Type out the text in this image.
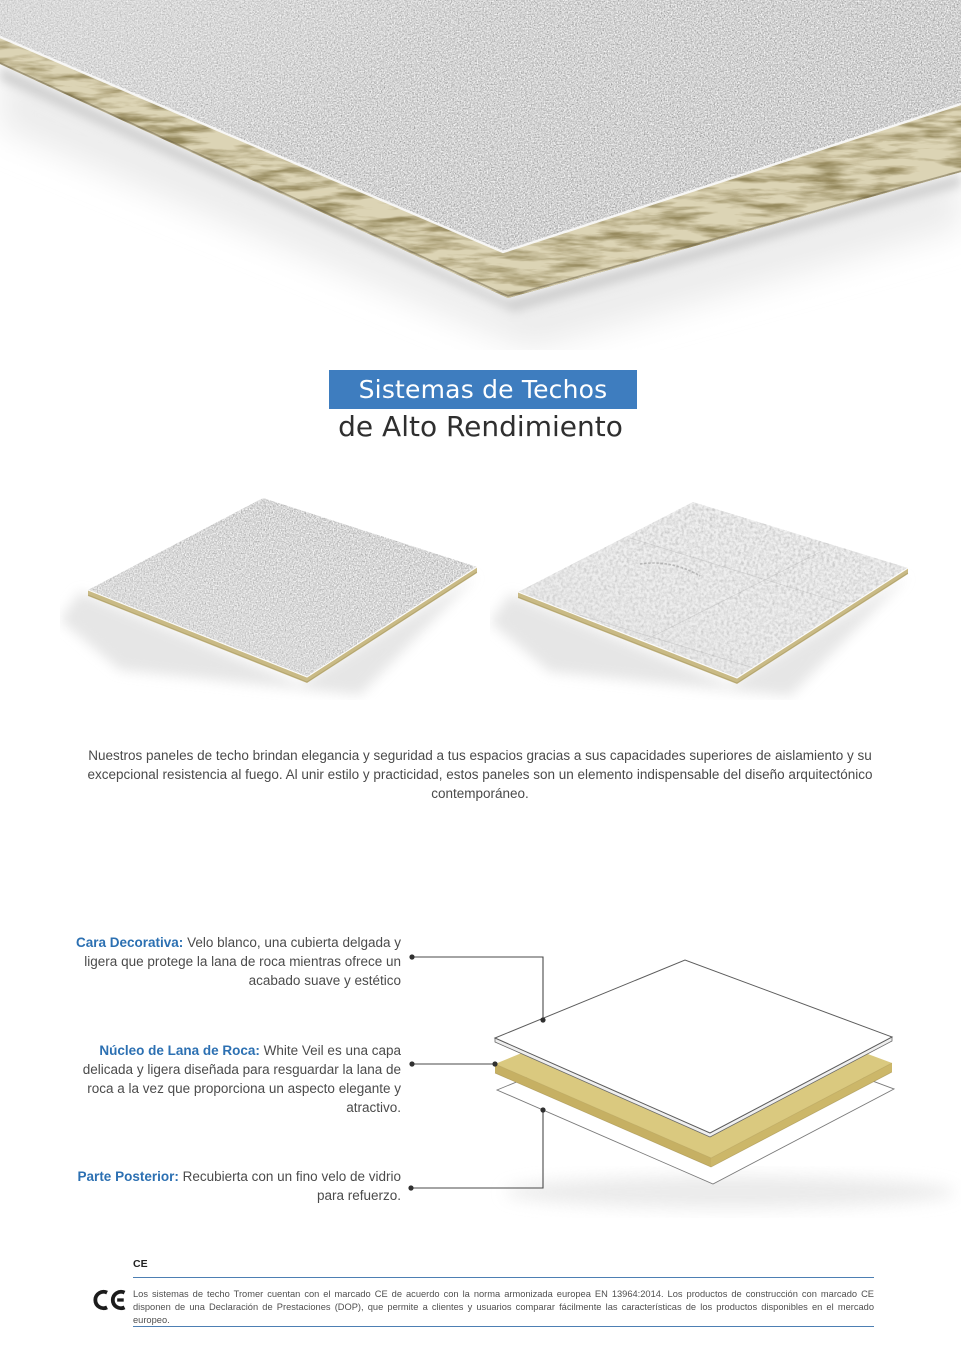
Sistemas de Techos
de Alto Rendimiento
Nuestros paneles de techo brindan elegancia y seguridad a tus espacios gracias a sus capacidades superiores de aislamiento y su excepcional resistencia al fuego. Al unir estilo y practicidad, estos paneles son un elemento indispensable del diseño arquitectónico contemporáneo.
Cara Decorativa: Velo blanco, una cubierta delgada y ligera que protege la lana de roca mientras ofrece un acabado suave y estético
Núcleo de Lana de Roca: White Veil es una capa delicada y ligera diseñada para resguardar la lana de roca a la vez que proporciona un aspecto elegante y atractivo.
Parte Posterior: Recubierta con un fino velo de vidrio para refuerzo.
CE
Los sistemas de techo Tromer cuentan con el marcado CE de acuerdo con la norma armonizada europea EN 13964:2014. Los productos de construcción con marcado CE disponen de una Declaración de Prestaciones (DOP), que permite a clientes y usuarios comparar fácilmente las características de los productos disponibles en el mercado europeo.
